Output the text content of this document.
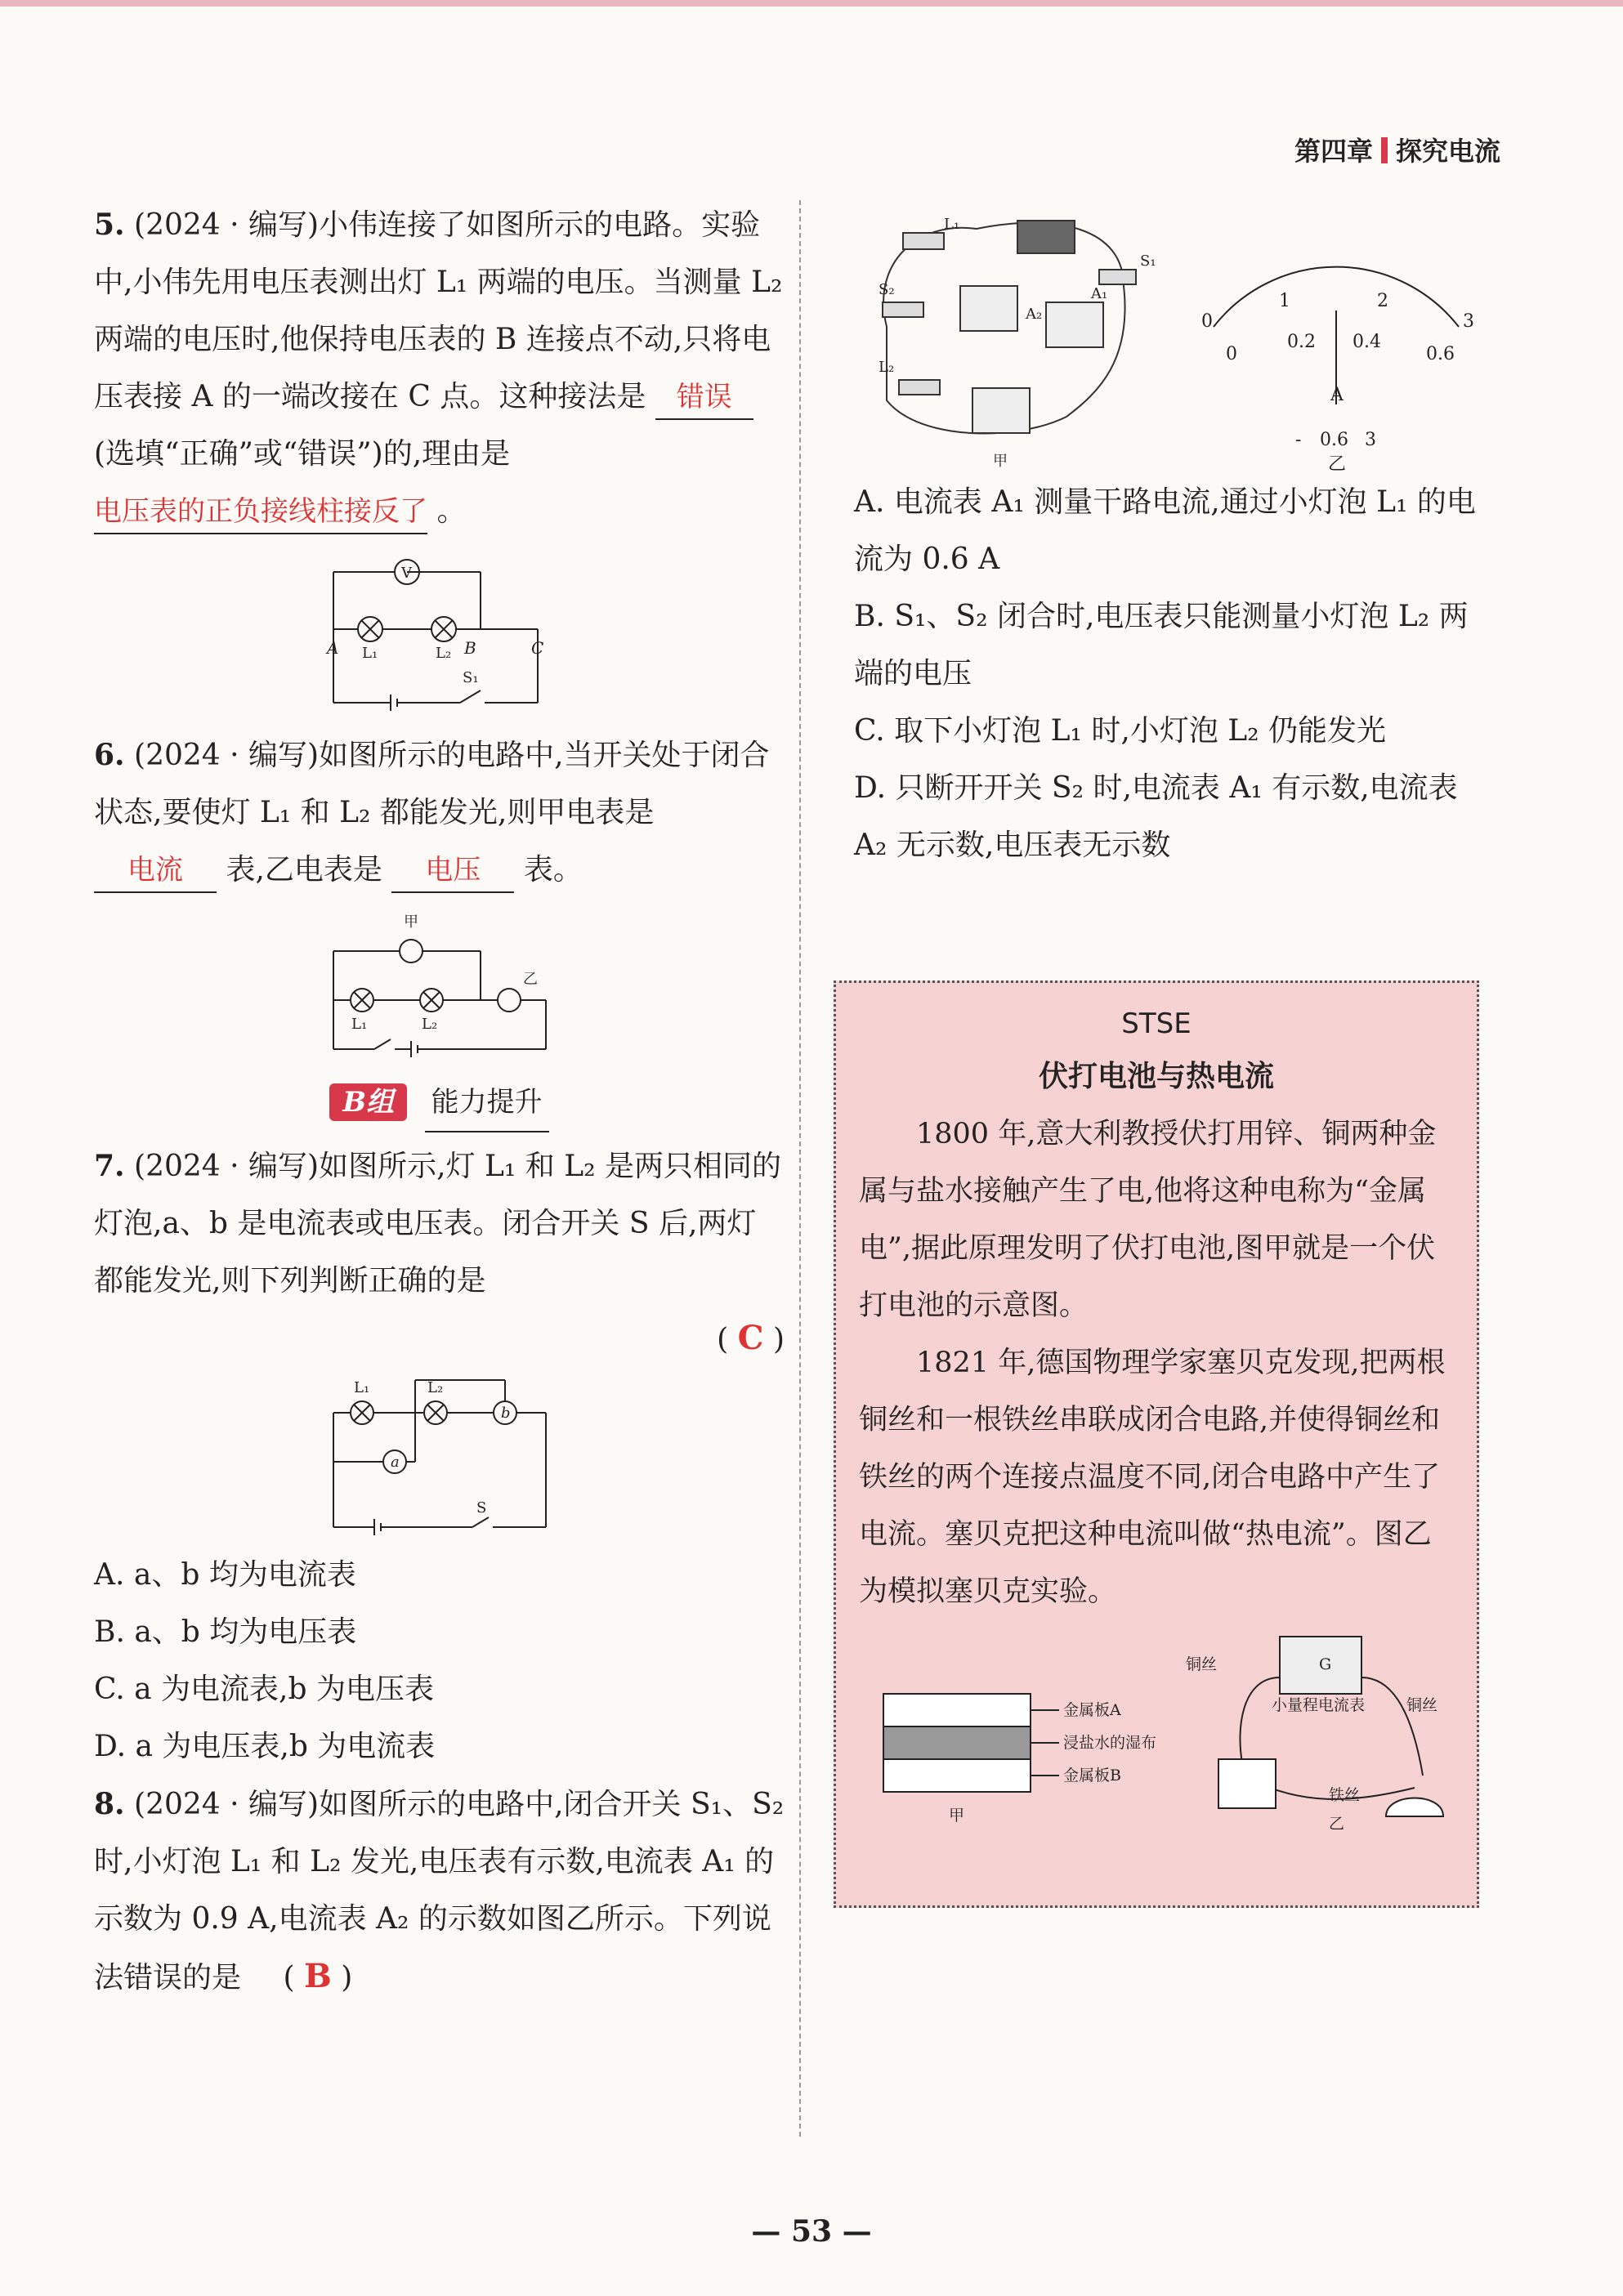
第四章 探究电流
5. (2024 · 编写)小伟连接了如图所示的电路。实验中,小伟先用电压表测出灯 L₁ 两端的电压。当测量 L₂ 两端的电压时,他保持电压表的 B 连接点不动,只将电压表接 A 的一端改接在 C 点。这种接法是 错误 (选填“正确”或“错误”)的,理由是 电压表的正负接线柱接反了 。
A	B	C
V
L₁	L₂
S₁
6. (2024 · 编写)如图所示的电路中,当开关处于闭合状态,要使灯 L₁ 和 L₂ 都能发光,则甲电表是 电流 表,乙电表是 电压 表。
甲
乙
L₁	L₂
B组 能力提升
7. (2024 · 编写)如图所示,灯 L₁ 和 L₂ 是两只相同的灯泡,a、b 是电流表或电压表。闭合开关 S 后,两灯都能发光,则下列判断正确的是
( C )
L₁	L₂
a
b
S
A. a、b 均为电流表
B. a、b 均为电压表
C. a 为电流表,b 为电压表
D. a 为电压表,b 为电流表
8. (2024 · 编写)如图所示的电路中,闭合开关 S₁、S₂ 时,小灯泡 L₁ 和 L₂ 发光,电压表有示数,电流表 A₁ 的示数为 0.9 A,电流表 A₂ 的示数如图乙所示。下列说法错误的是 ( B )
L₁
S₁
S₂
A₂
A₁
L₂
甲
0
1	2
3
0
0.2 0.4
0.6
A
- 0.6 3
乙
A. 电流表 A₁ 测量干路电流,通过小灯泡 L₁ 的电流为 0.6 A
B. S₁、S₂ 闭合时,电压表只能测量小灯泡 L₂ 两端的电压
C. 取下小灯泡 L₁ 时,小灯泡 L₂ 仍能发光
D. 只断开开关 S₂ 时,电流表 A₁ 有示数,电流表 A₂ 无示数,电压表无示数
STSE
伏打电池与热电流

1800 年,意大利教授伏打用锌、铜两种金属与盐水接触产生了电,他将这种电称为“金属电”,据此原理发明了伏打电池,图甲就是一个伏打电池的示意图。

1821 年,德国物理学家塞贝克发现,把两根铜丝和一根铁丝串联成闭合电路,并使得铜丝和铁丝的两个连接点温度不同,闭合电路中产生了电流。塞贝克把这种电流叫做“热电流”。图乙为模拟塞贝克实验。

金属板A
浸盐水的湿布
金属板B
甲
G
铜丝
小量程电流表	铜丝
铁丝
乙
— 53 —
